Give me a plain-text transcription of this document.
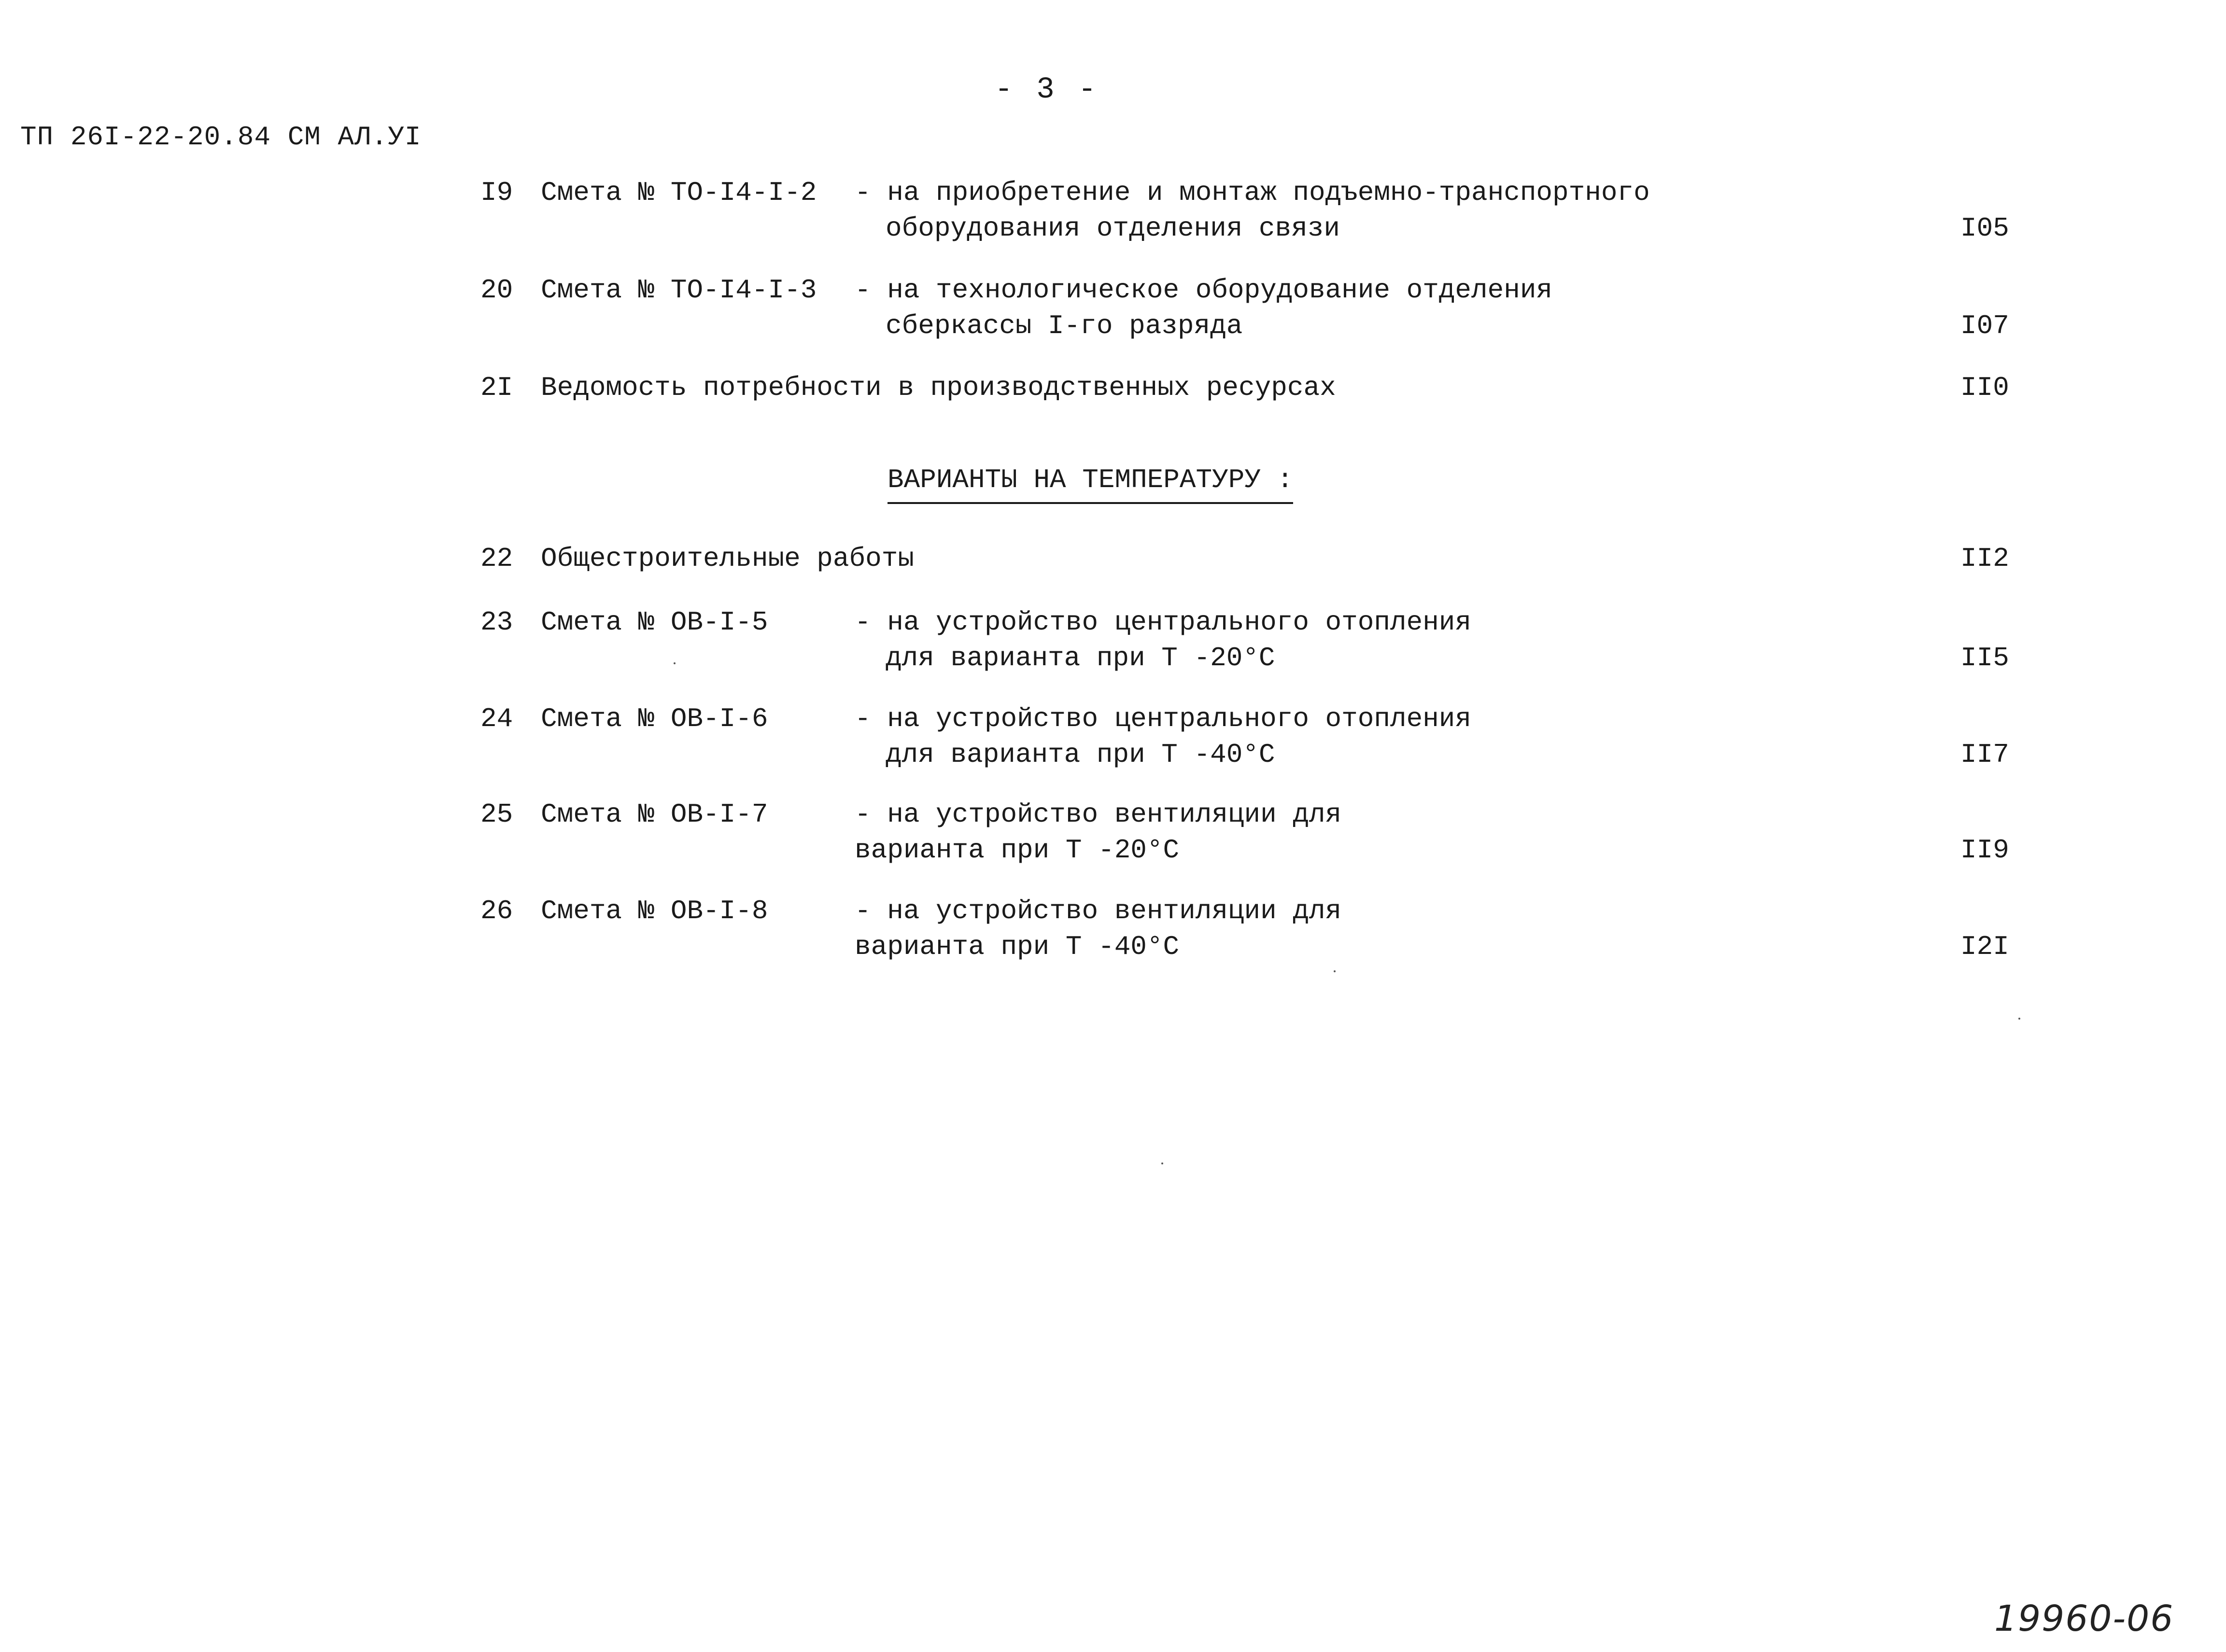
- 3 -
ТП 26I-22-20.84 СМ АЛ.УI
I9 Смета № ТО-I4-I-2 - на приобретение и монтаж подъемно-транспортного
оборудования отделения связи	I05
20 Смета № ТО-I4-I-3 - на технологическое оборудование отделения
сберкассы I-го разряда	I07
2I Ведомость потребности в производственных ресурсах	II0
ВАРИАНТЫ НА ТЕМПЕРАТУРУ :
22 Общестроительные работы	II2
23 Смета № ОВ-I-5	- на устройство центрального отопления
для варианта при Т -20°С	II5
24 Смета № ОВ-I-6	- на устройство центрального отопления
для варианта при Т -40°С	II7
25 Смета № ОВ-I-7	- на устройство вентиляции для
варианта при Т -20°С	II9
26 Смета № ОВ-I-8	- на устройство вентиляции для
варианта при Т -40°С	I2I
19960-06
